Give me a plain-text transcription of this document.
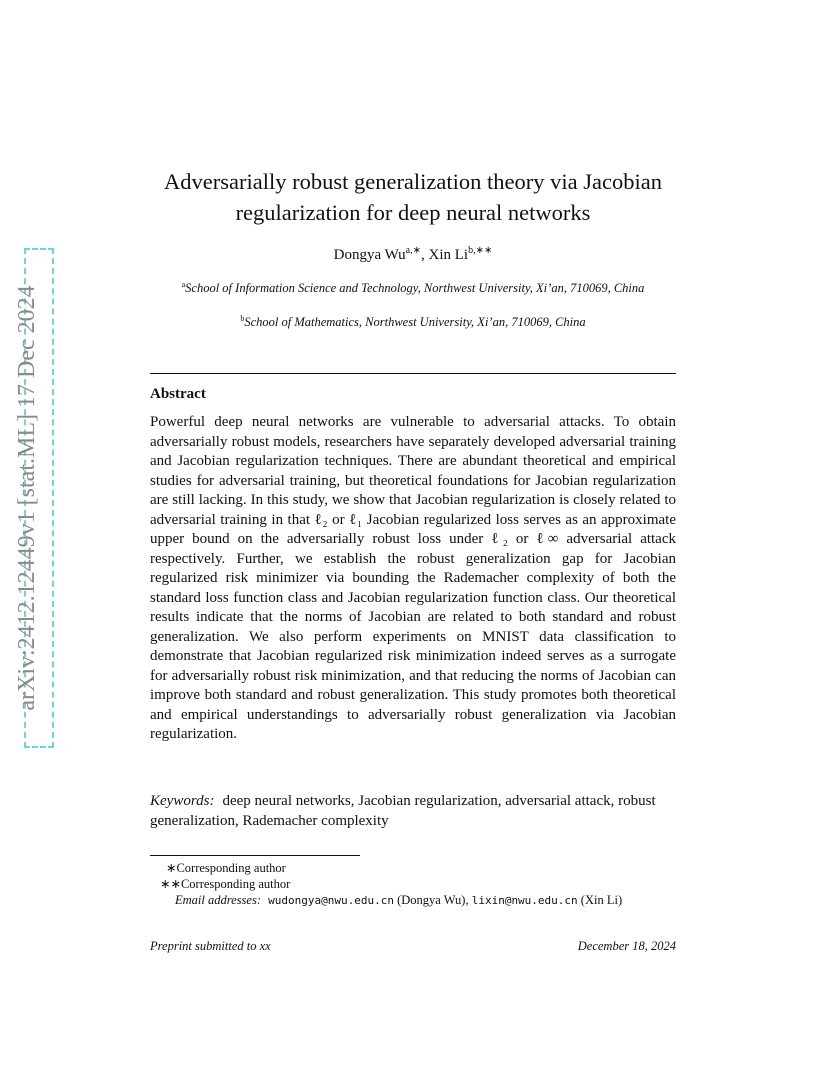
arXiv:2412.12449v1 [stat.ML] 17 Dec 2024
Adversarially robust generalization theory via Jacobian regularization for deep neural networks
Dongya $Wu^{a,∗}$, Xin $Li^{b,∗∗}$
$^a$School of Information Science and Technology, Northwest University, Xi’an, 710069, China
$^b$School of Mathematics, Northwest University, Xi’an, 710069, China
Abstract
Powerful deep neural networks are vulnerable to adversarial attacks. To obtain adversarially robust models, researchers have separately developed adversarial training and Jacobian regularization techniques. There are abundant theoretical and empirical studies for adversarial training, but theoretical foundations for Jacobian regularization are still lacking. In this study, we show that Jacobian regularization is closely related to adversarial training in that ℓ₂ or ℓ₁ Jacobian regularized loss serves as an approximate upper bound on the adversarially robust loss under ℓ₂ or ℓ∞ adversarial attack respectively. Further, we establish the robust generalization gap for Jacobian regularized risk minimizer via bounding the Rademacher complexity of both the standard loss function class and Jacobian regularization function class. Our theoretical results indicate that the norms of Jacobian are related to both standard and robust generalization. We also perform experiments on MNIST data classification to demonstrate that Jacobian regularized risk minimization indeed serves as a surrogate for adversarially robust risk minimization, and that reducing the norms of Jacobian can improve both standard and robust generalization. This study promotes both theoretical and empirical understandings to adversarially robust generalization via Jacobian regularization.
Keywords: deep neural networks, Jacobian regularization, adversarial attack, robust generalization, Rademacher complexity
∗Corresponding author
∗∗Corresponding author
Email addresses: wudongya@nwu.edu.cn (Dongya Wu), lixin@nwu.edu.cn (Xin Li)
Preprint submitted to xx	December 18, 2024
